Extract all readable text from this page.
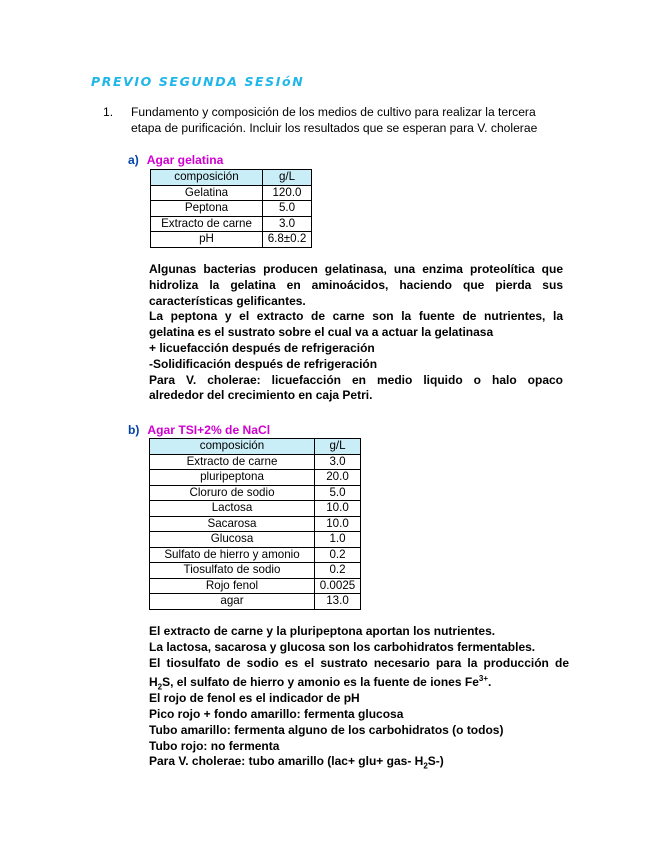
PREVIO SEGUNDA SESIóN
1. Fundamento y composición de los medios de cultivo para realizar la tercera
etapa de purificación. Incluir los resultados que se esperan para V. cholerae
a) Agar gelatina
composición	g/L
Gelatina	120.0
Peptona	5.0
Extracto de carne	3.0
pH	6.8±0.2

Algunas bacterias producen gelatinasa, una enzima proteolítica que

hidroliza la gelatina en aminoácidos, haciendo que pierda sus

características gelificantes.

La peptona y el extracto de carne son la fuente de nutrientes, la

gelatina es el sustrato sobre el cual va a actuar la gelatinasa

+ licuefacción después de refrigeración

-Solidificación después de refrigeración

Para V. cholerae: licuefacción en medio liquido o halo opaco

alrededor del crecimiento en caja Petri.

b) Agar TSI+2% de NaCl
composición	g/L
Extracto de carne	3.0
pluripeptona	20.0
Cloruro de sodio	5.0
Lactosa	10.0
Sacarosa	10.0
Glucosa	1.0
Sulfato de hierro y amonio	0.2
Tiosulfato de sodio	0.2
Rojo fenol	0.0025
agar	13.0

El extracto de carne y la pluripeptona aportan los nutrientes.

La lactosa, sacarosa y glucosa son los carbohidratos fermentables.

El tiosulfato de sodio es el sustrato necesario para la producción de

$H_2S$, el sulfato de hierro y amonio es la fuente de iones $Fe^{3+}$.

El rojo de fenol es el indicador de pH

Pico rojo + fondo amarillo: fermenta glucosa

Tubo amarillo: fermenta alguno de los carbohidratos (o todos)

Tubo rojo: no fermenta

Para V. cholerae: tubo amarillo (lac+ glu+ gas- $H_2S-$)
